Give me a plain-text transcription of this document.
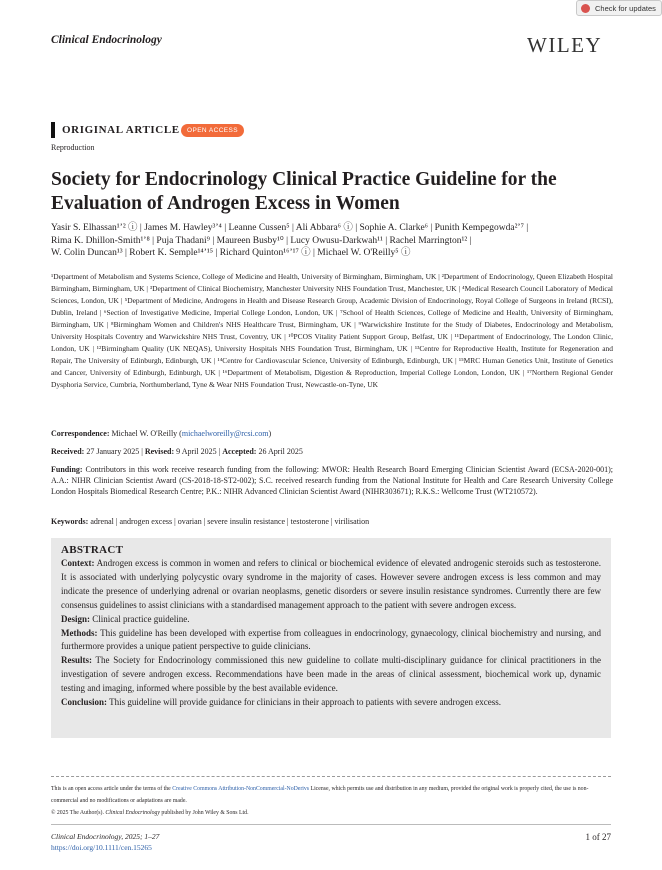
Check for updates
Clinical Endocrinology	WILEY
ORIGINAL ARTICLE	OPEN ACCESS
Reproduction
Society for Endocrinology Clinical Practice Guideline for the Evaluation of Androgen Excess in Women
Yasir S. Elhassan¹ʼ² ⓘ | James M. Hawley³ʼ⁴ | Leanne Cussen⁵ | Ali Abbara⁶ ⓘ | Sophie A. Clarke⁶ | Punith Kempegowda²ʼ⁷ |
Rima K. Dhillon-Smith¹ʼ⁸ | Puja Thadani⁹ | Maureen Busby¹⁰ | Lucy Owusu-Darkwah¹¹ | Rachel Marrington¹² |
W. Colin Duncan¹³ | Robert K. Semple¹⁴ʼ¹⁵ | Richard Quinton¹⁶ʼ¹⁷ ⓘ | Michael W. O'Reilly⁵ ⓘ
¹Department of Metabolism and Systems Science, College of Medicine and Health, University of Birmingham, Birmingham, UK | ²Department of Endocrinology, Queen Elizabeth Hospital Birmingham, Birmingham, UK | ³Department of Clinical Biochemistry, Manchester University NHS Foundation Trust, Manchester, UK | ⁴Medical Research Council Laboratory of Medical Sciences, London, UK | ⁵Department of Medicine, Androgens in Health and Disease Research Group, Academic Division of Endocrinology, Royal College of Surgeons in Ireland (RCSI), Dublin, Ireland | ⁶Section of Investigative Medicine, Imperial College London, London, UK | ⁷School of Health Sciences, College of Medicine and Health, University of Birmingham, Birmingham, UK | ⁸Birmingham Women and Children's NHS Healthcare Trust, Birmingham, UK | ⁹Warwickshire Institute for the Study of Diabetes, Endocrinology and Metabolism, University Hospitals Coventry and Warwickshire NHS Trust, Coventry, UK | ¹⁰PCOS Vitality Patient Support Group, Belfast, UK | ¹¹Department of Endocrinology, The London Clinic, London, UK | ¹²Birmingham Quality (UK NEQAS), University Hospitals NHS Foundation Trust, Birmingham, UK | ¹³Centre for Reproductive Health, Institute for Regeneration and Repair, The University of Edinburgh, Edinburgh, UK | ¹⁴Centre for Cardiovascular Science, University of Edinburgh, Edinburgh, UK | ¹⁵MRC Human Genetics Unit, Institute of Genetics and Cancer, University of Edinburgh, Edinburgh, UK | ¹⁶Department of Metabolism, Digestion & Reproduction, Imperial College London, London, UK | ¹⁷Northern Regional Gender Dysphoria Service, Cumbria, Northumberland, Tyne & Wear NHS Foundation Trust, Newcastle-on-Tyne, UK
Correspondence: Michael W. O'Reilly (michaelworeilly@rcsi.com)
Received: 27 January 2025 | Revised: 9 April 2025 | Accepted: 26 April 2025
Funding: Contributors in this work receive research funding from the following: MWOR: Health Research Board Emerging Clinician Scientist Award (ECSA-2020-001); A.A.: NIHR Clinician Scientist Award (CS-2018-18-ST2-002); S.C. received research funding from the National Institute for Health and Care Research University College London Hospitals Biomedical Research Centre; P.K.: NIHR Advanced Clinician Scientist Award (NIHR303671); R.K.S.: Wellcome Trust (WT210572).
Keywords: adrenal | androgen excess | ovarian | severe insulin resistance | testosterone | virilisation
ABSTRACT
Context: Androgen excess is common in women and refers to clinical or biochemical evidence of elevated androgenic steroids such as testosterone. It is associated with underlying polycystic ovary syndrome in the majority of cases. However severe androgen excess is less common and may indicate the presence of underlying adrenal or ovarian neoplasms, genetic disorders or severe insulin resistance syndromes. Currently there are few consensus guidelines to assist clinicians with a standardised management approach to the patient with severe androgen excess.
Design: Clinical practice guideline.
Methods: This guideline has been developed with expertise from colleagues in endocrinology, gynaecology, clinical biochemistry and nursing, and furthermore provides a unique patient perspective to guide clinicians.
Results: The Society for Endocrinology commissioned this new guideline to collate multi-disciplinary guidance for clinical practitioners in the investigation of severe androgen excess. Recommendations have been made in the areas of clinical assessment, biochemical work up, dynamic testing and imaging, informed where possible by the best available evidence.
Conclusion: This guideline will provide guidance for clinicians in their approach to patients with severe androgen excess.
This is an open access article under the terms of the Creative Commons Attribution-NonCommercial-NoDerivs License, which permits use and distribution in any medium, provided the original work is properly cited, the use is non-commercial and no modifications or adaptations are made.
© 2025 The Author(s). Clinical Endocrinology published by John Wiley & Sons Ltd.
Clinical Endocrinology, 2025; 1–27
https://doi.org/10.1111/cen.15265
1 of 27
